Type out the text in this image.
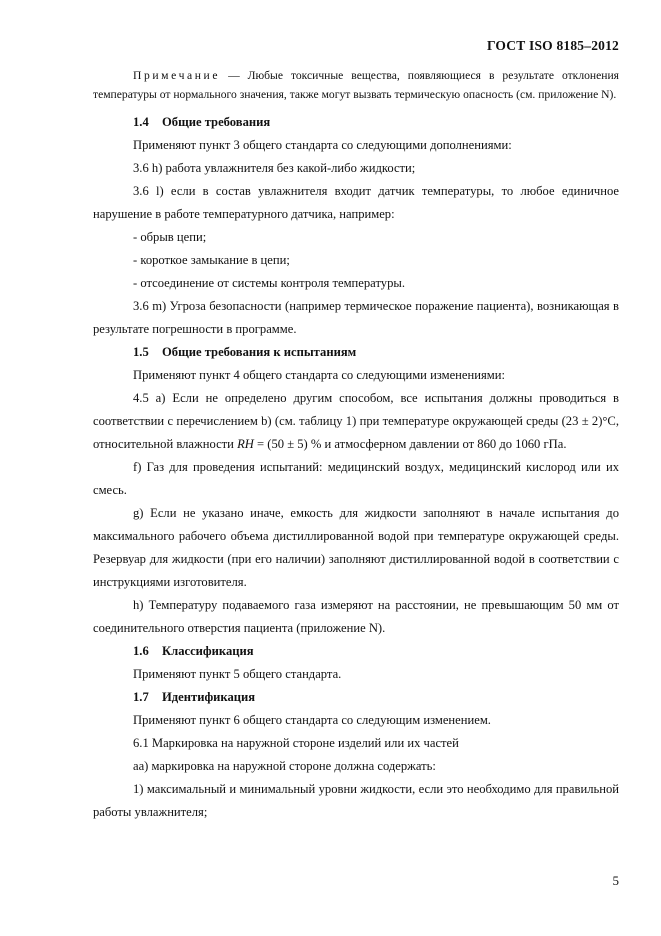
ГОСТ ISO 8185–2012

Примечание — Любые токсичные вещества, появляющиеся в результате отклонения температуры от нормального значения, также могут вызвать термическую опасность (см. приложение N).

1.4 Общие требования

Применяют пункт 3 общего стандарта со следующими дополнениями:

3.6 h) работа увлажнителя без какой-либо жидкости;

3.6 l) если в состав увлажнителя входит датчик температуры, то любое единичное нарушение в работе температурного датчика, например:

- обрыв цепи;

- короткое замыкание в цепи;

- отсоединение от системы контроля температуры.

3.6 m) Угроза безопасности (например термическое поражение пациента), возникающая в результате погрешности в программе.

1.5 Общие требования к испытаниям

Применяют пункт 4 общего стандарта со следующими изменениями:

4.5 a) Если не определено другим способом, все испытания должны проводиться в соответствии с перечислением b) (см. таблицу 1) при температуре окружающей среды (23 ± 2)°С, относительной влажности RH = (50 ± 5) % и атмосферном давлении от 860 до 1060 гПа.

f) Газ для проведения испытаний: медицинский воздух, медицинский кислород или их смесь.

g) Если не указано иначе, емкость для жидкости заполняют в начале испытания до максимального рабочего объема дистиллированной водой при температуре окружающей среды. Резервуар для жидкости (при его наличии) заполняют дистиллированной водой в соответствии с инструкциями изготовителя.

h) Температуру подаваемого газа измеряют на расстоянии, не превышающим 50 мм от соединительного отверстия пациента (приложение N).

1.6 Классификация

Применяют пункт 5 общего стандарта.

1.7 Идентификация

Применяют пункт 6 общего стандарта со следующим изменением.

6.1 Маркировка на наружной стороне изделий или их частей

аа) маркировка на наружной стороне должна содержать:

1) максимальный и минимальный уровни жидкости, если это необходимо для правильной работы увлажнителя;

5
